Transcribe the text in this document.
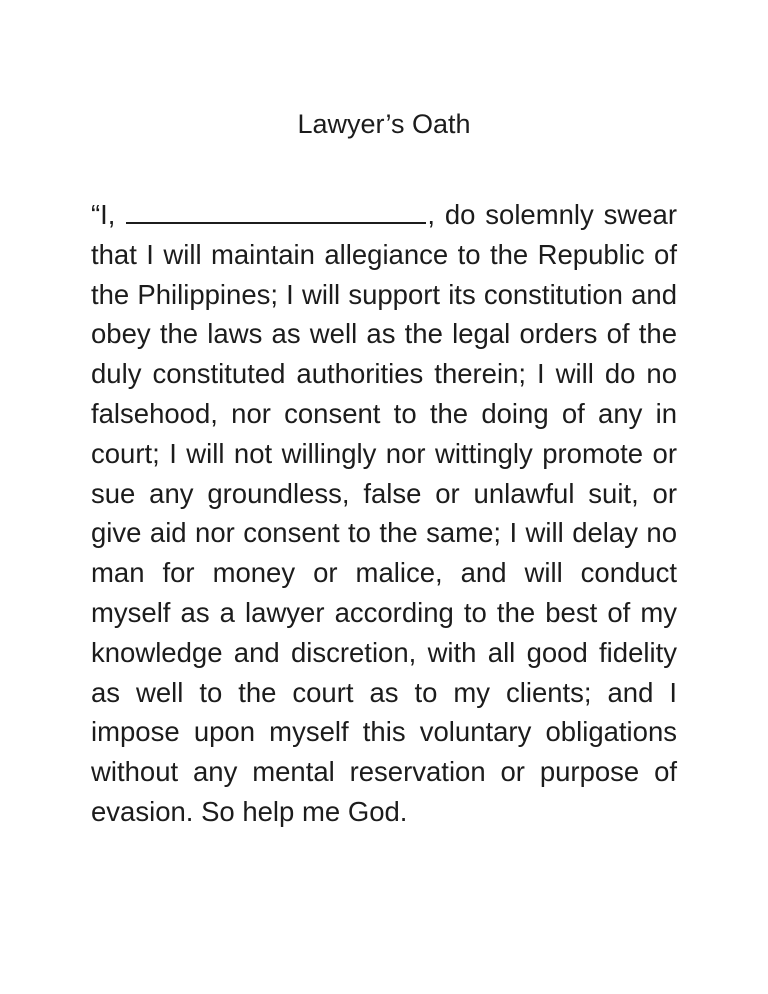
Lawyer’s Oath

“I,	, do solemnly swear that I will maintain allegiance to the Republic of the Philippines; I will support its constitution and obey the laws as well as the legal orders of the duly constituted authorities therein; I will do no falsehood, nor consent to the doing of any in court; I will not willingly nor wittingly promote or sue any groundless, false or unlawful suit, or give aid nor consent to the same; I will delay no man for money or malice, and will conduct myself as a lawyer according to the best of my knowledge and discretion, with all good fidelity as well to the court as to my clients; and I impose upon myself this voluntary obligations without any mental reservation or purpose of evasion. So help me God.
